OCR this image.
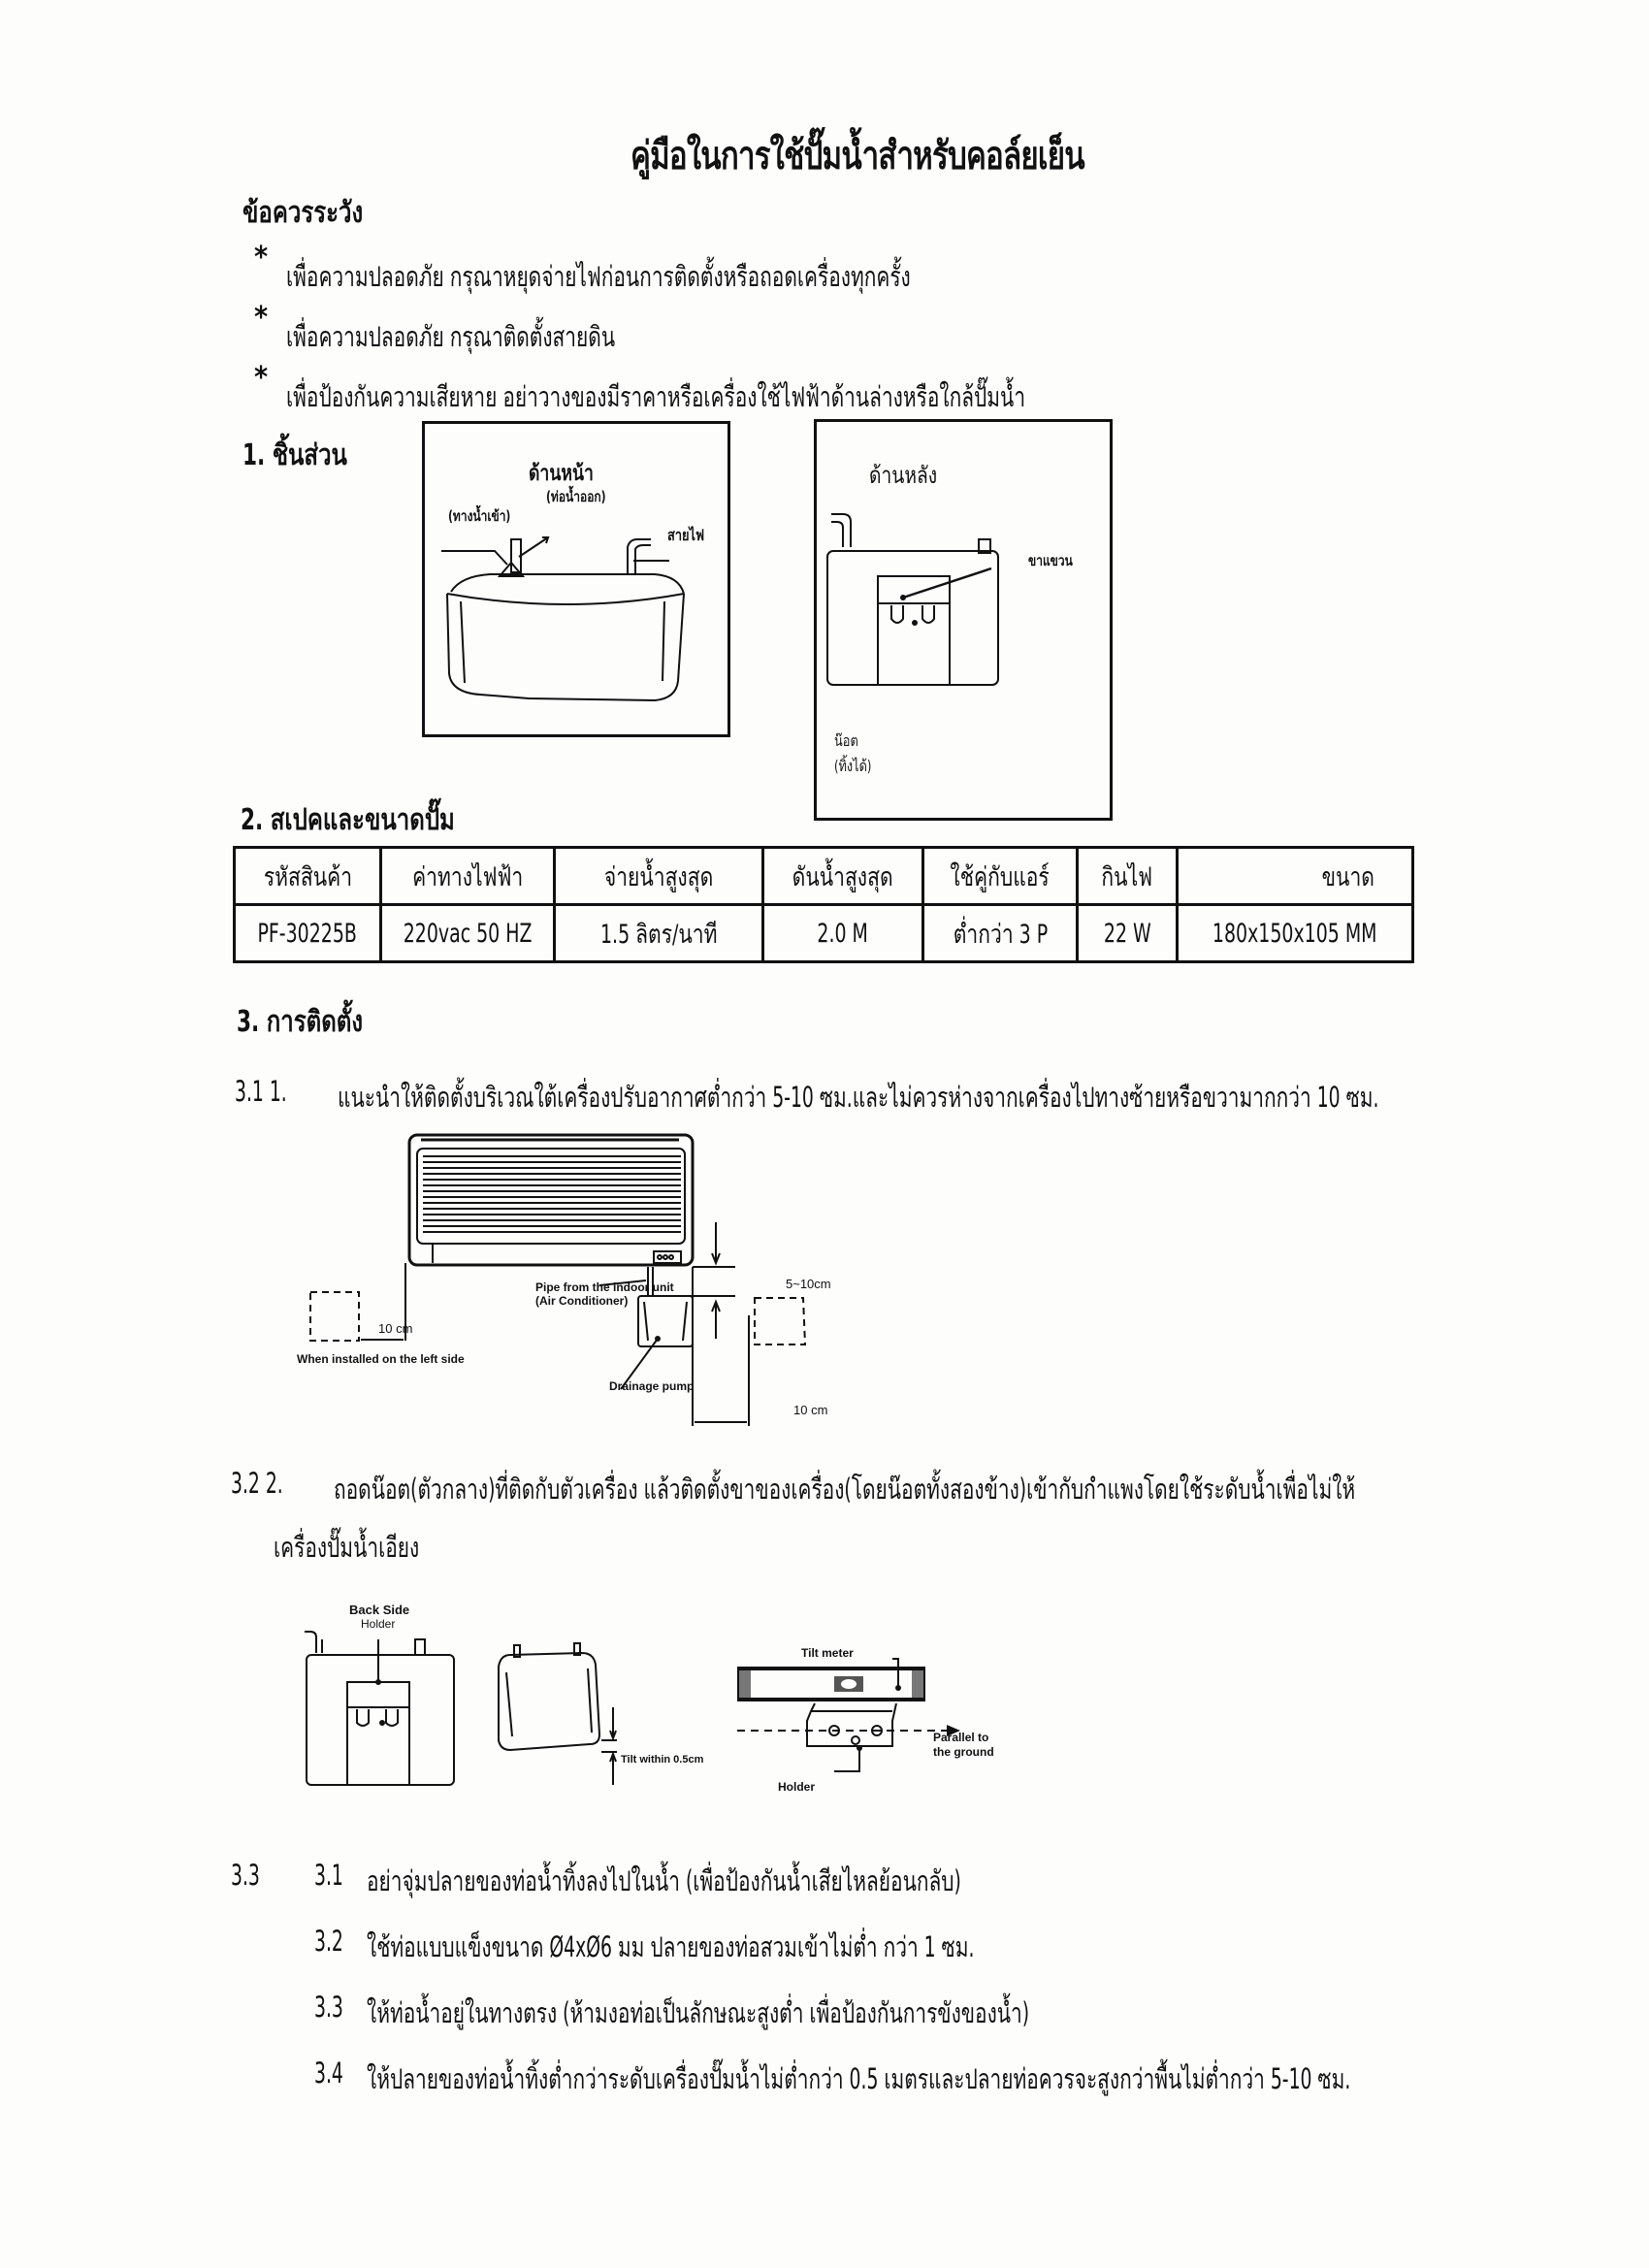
คู่มือในการใช้ปั๊มน้ำสำหรับคอล์ยเย็น
ข้อควรระวัง
*
เพื่อความปลอดภัย กรุณาหยุดจ่ายไฟก่อนการติดตั้งหรือถอดเครื่องทุกครั้ง
*
เพื่อความปลอดภัย กรุณาติดตั้งสายดิน
*
เพื่อป้องกันความเสียหาย อย่าวางของมีราคาหรือเครื่องใช้ไฟฟ้าด้านล่างหรือใกล้ปั๊มน้ำ
1. ชิ้นส่วน
ด้านหน้า
(ท่อน้ำออก)
(ทางน้ำเข้า)
สายไฟ
ด้านหลัง
ขาแขวน
น๊อต
(ทิ้งได้)
2. สเปคและขนาดปั๊ม
รหัสสินค้า	ค่าทางไฟฟ้า	จ่ายน้ำสูงสุด	ดันน้ำสูงสุด	ใช้คู่กับแอร์	กินไฟ	ขนาด
PF-30225B	220vac 50 HZ	1.5 ลิตร/นาที	2.0 M	ต่ำกว่า 3 P	22 W	180x150x105 MM
3. การติดตั้ง
3.1 1. แนะนำให้ติดตั้งบริเวณใต้เครื่องปรับอากาศต่ำกว่า 5-10 ซม.และไม่ควรห่างจากเครื่องไปทางซ้ายหรือขวามากกว่า 10 ซม.
Pipe from the indoor unit
(Air Conditioner)
5~10cm
10 cm
When installed on the left side
Drainage pump
10 cm
3.2 2. ถอดน๊อต(ตัวกลาง)ที่ติดกับตัวเครื่อง แล้วติดตั้งขาของเครื่อง(โดยน๊อตทั้งสองข้าง)เข้ากับกำแพงโดยใช้ระดับน้ำเพื่อไม่ให้
เครื่องปั๊มน้ำเอียง
Back Side
Holder
Tilt within 0.5cm
Tilt meter
Parallel to
the ground
Holder
3.3 3.1 อย่าจุ่มปลายของท่อน้ำทิ้งลงไปในน้ำ (เพื่อป้องกันน้ำเสียไหลย้อนกลับ)
3.2 ใช้ท่อแบบแข็งขนาด Ø4xØ6 มม ปลายของท่อสวมเข้าไม่ต่ำ กว่า 1 ซม.
3.3 ให้ท่อน้ำอยู่ในทางตรง (ห้ามงอท่อเป็นลักษณะสูงต่ำ เพื่อป้องกันการขังของน้ำ)
3.4 ให้ปลายของท่อน้ำทิ้งต่ำกว่าระดับเครื่องปั๊มน้ำไม่ต่ำกว่า 0.5 เมตรและปลายท่อควรจะสูงกว่าพื้นไม่ต่ำกว่า 5-10 ซม.
